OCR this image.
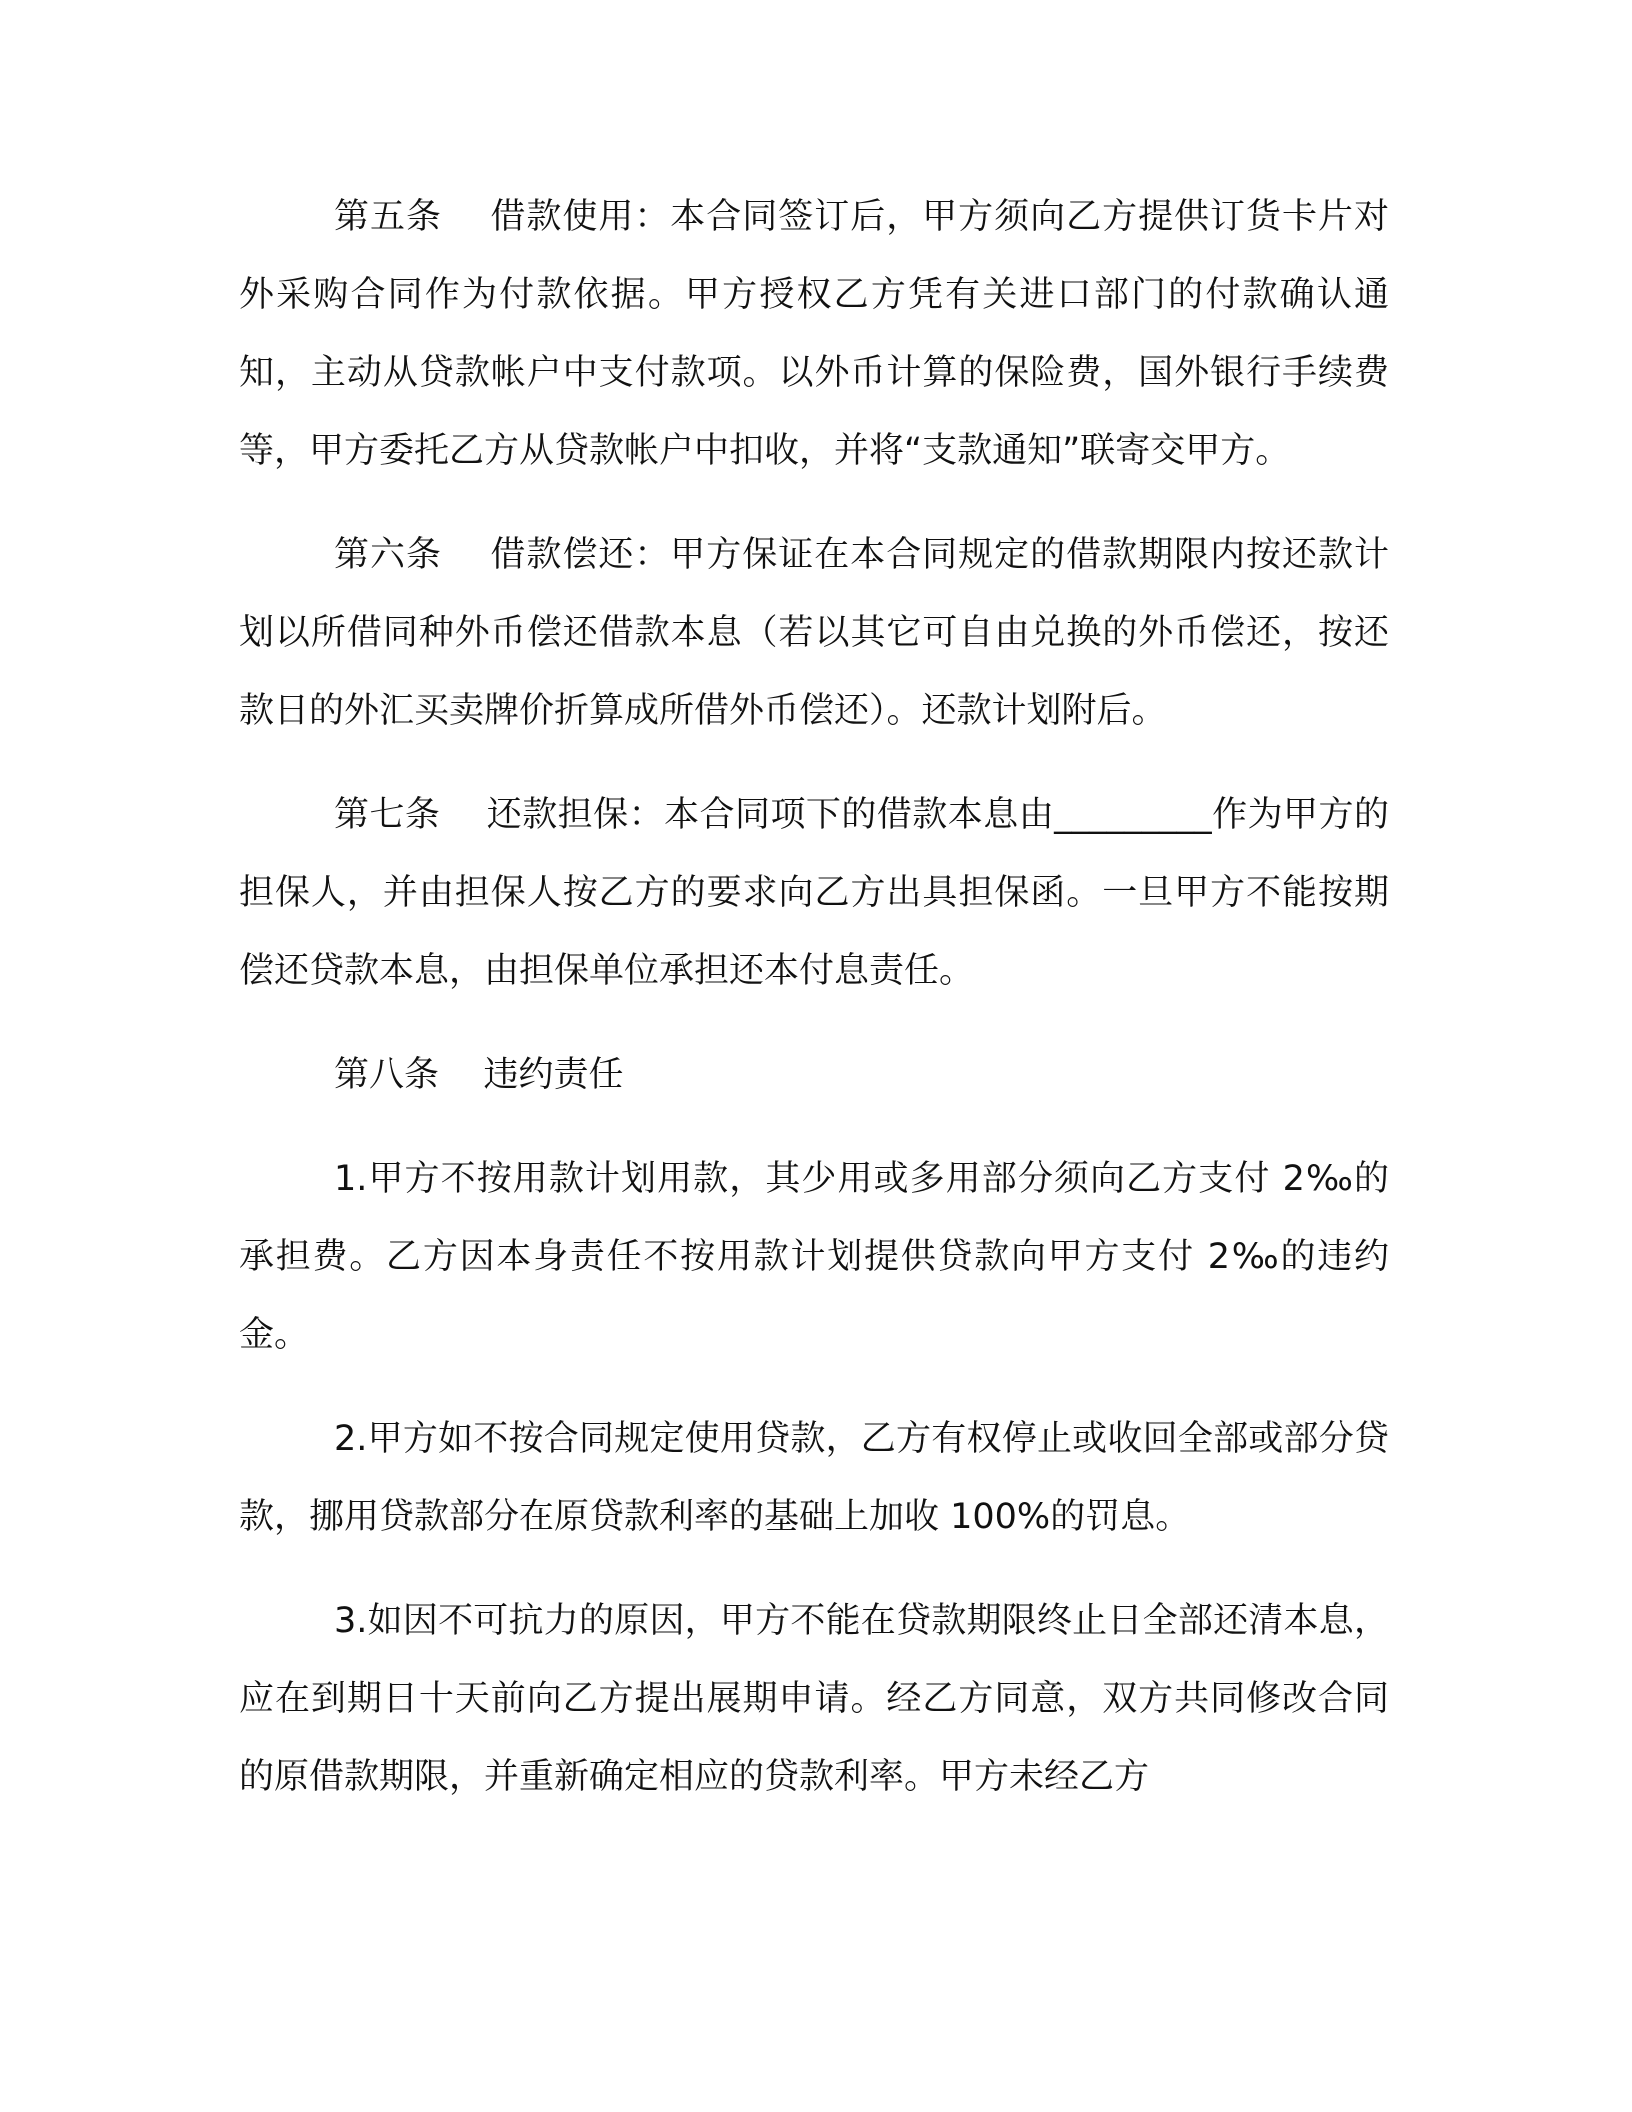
第五条 借款使用：本合同签订后，甲方须向乙方提供订货卡片对外采购合同作为付款依据。甲方授权乙方凭有关进口部门的付款确认通知，主动从贷款帐户中支付款项。以外币计算的保险费，国外银行手续费等，甲方委托乙方从贷款帐户中扣收，并将“支款通知”联寄交甲方。

第六条 借款偿还：甲方保证在本合同规定的借款期限内按还款计划以所借同种外币偿还借款本息（若以其它可自由兑换的外币偿还，按还款日的外汇买卖牌价折算成所借外币偿还）。还款计划附后。

第七条 还款担保：本合同项下的借款本息由_________作为甲方的担保人，并由担保人按乙方的要求向乙方出具担保函。一旦甲方不能按期偿还贷款本息，由担保单位承担还本付息责任。

第八条 违约责任

1.甲方不按用款计划用款，其少用或多用部分须向乙方支付 2‰的承担费。乙方因本身责任不按用款计划提供贷款向甲方支付 2‰的违约金。

2.甲方如不按合同规定使用贷款，乙方有权停止或收回全部或部分贷款，挪用贷款部分在原贷款利率的基础上加收 100%的罚息。

3.如因不可抗力的原因，甲方不能在贷款期限终止日全部还清本息，应在到期日十天前向乙方提出展期申请。经乙方同意，双方共同修改合同的原借款期限，并重新确定相应的贷款利率。甲方未经乙方
